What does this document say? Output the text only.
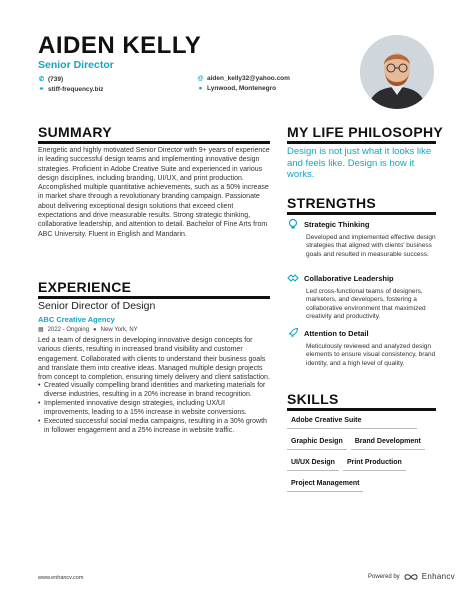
AIDEN KELLY
Senior Director
✆ (739)	@ aiden_kelly32@yahoo.com
⚭ stiff-frequency.biz	● Lynwood, Montenegro
SUMMARY
Energetic and highly motivated Senior Director with 9+ years of experience in leading successful design teams and implementing innovative design strategies. Proficient in Adobe Creative Suite and experienced in various design disciplines, including branding, UI/UX, and print production. Accomplished multiple quantitative achievements, such as a 50% increase in market share through a revolutionary branding campaign. Passionate about delivering exceptional design solutions that exceed client expectations and drive measurable results. Strong strategic thinking, collaborative leadership, and attention to detail. Bachelor of Fine Arts from ABC University. Fluent in English and Mandarin.
EXPERIENCE
Senior Director of Design
ABC Creative Agency
▦ 2022 - Ongoing ● New York, NY
Led a team of designers in developing innovative design concepts for various clients, resulting in increased brand visibility and customer engagement. Collaborated with clients to understand their business goals and translate them into creative ideas. Managed multiple design projects from concept to completion, ensuring timely delivery and client satisfaction.
• Created visually compelling brand identities and marketing materials for diverse industries, resulting in a 20% increase in brand recognition.
• Implemented innovative design strategies, including UX/UI improvements, leading to a 15% increase in website conversions.
• Executed successful social media campaigns, resulting in a 30% growth in follower engagement and a 25% increase in website traffic.
MY LIFE PHILOSOPHY
Design is not just what it looks like and feels like. Design is how it works.
STRENGTHS
Strategic Thinking
Developed and implemented effective design strategies that aligned with clients' business goals and resulted in measurable success.
Collaborative Leadership
Led cross-functional teams of designers, marketers, and developers, fostering a collaborative environment that maximized creativity and productivity.
Attention to Detail
Meticulously reviewed and analyzed design elements to ensure visual consistency, brand identity, and a high level of quality.
SKILLS
Adobe Creative Suite
Graphic Design	Brand Development
UI/UX Design	Print Production
Project Management
www.enhancv.com	Powered by	Enhancv
